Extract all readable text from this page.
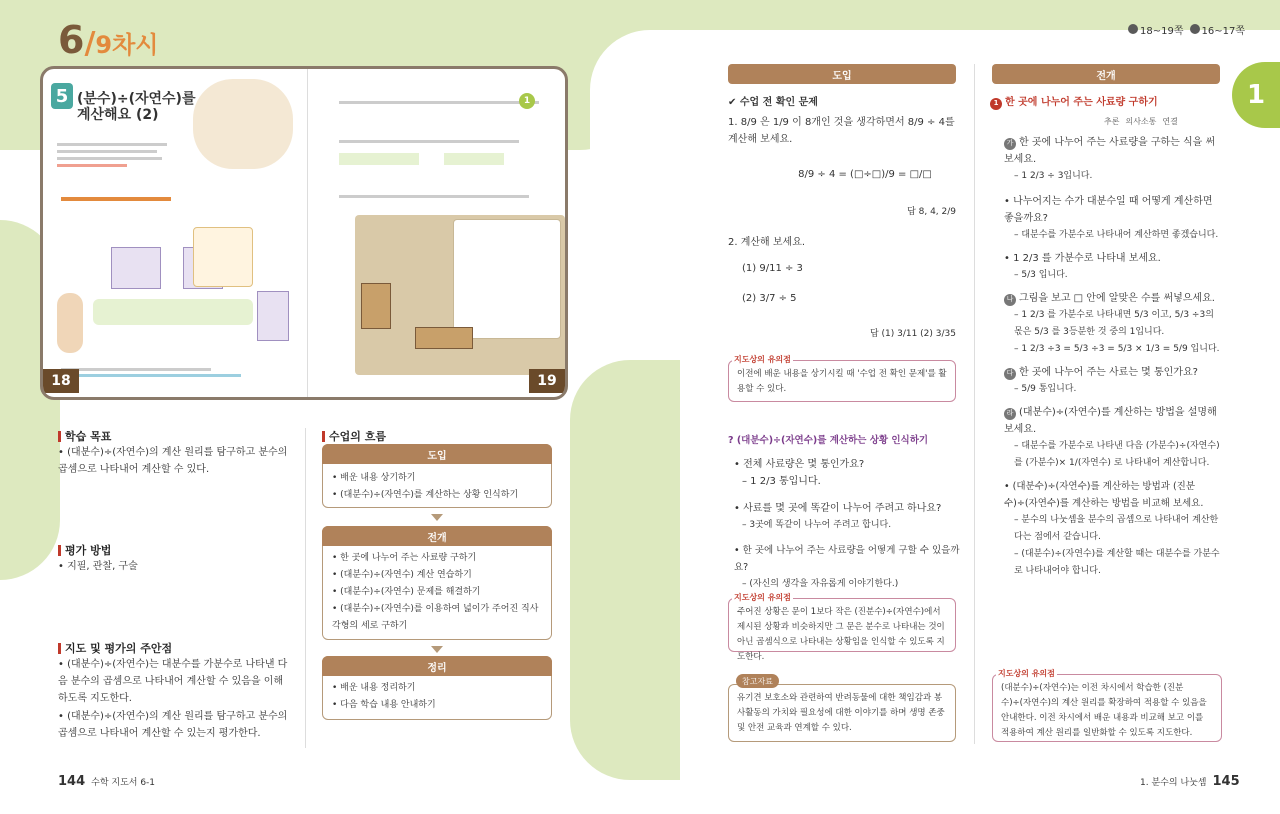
1
6/9차시	18~19쪽	16~17쪽
5 (분수)÷(자연수)를
계산해요 (2)
18

1
19
학습 목표
• (대분수)÷(자연수)의 계산 원리를 탐구하고 분수의 곱셈으로 나타내어 계산할 수 있다.
평가 방법
• 지필, 관찰, 구술
지도 및 평가의 주안점
• (대분수)÷(자연수)는 대분수를 가분수로 나타낸 다음 분수의 곱셈으로 나타내어 계산할 수 있음을 이해하도록 지도한다.
• (대분수)÷(자연수)의 계산 원리를 탐구하고 분수의 곱셈으로 나타내어 계산할 수 있는지 평가한다.
수업의 흐름
도입
• 배운 내용 상기하기
• (대분수)÷(자연수)를 계산하는 상황 인식하기
전개
• 한 곳에 나누어 주는 사료량 구하기
• (대분수)÷(자연수) 계산 연습하기
• (대분수)÷(자연수) 문제를 해결하기
• (대분수)÷(자연수)를 이용하여 넓이가 주어진 직사각형의 세로 구하기
정리
• 배운 내용 정리하기
• 다음 학습 내용 안내하기
144 수학 지도서 6-1
도입
✔ 수업 전 확인 문제
1. 8/9 은 1/9 이 8개인 것을 생각하면서 8/9 ÷ 4를 계산해 보세요.
8/9 ÷ 4 = (□÷□)/9 = □/□
답 8, 4, 2/9
2. 계산해 보세요.
(1) 9/11 ÷ 3
(2) 3/7 ÷ 5
답 (1) 3/11 (2) 3/35
이전에 배운 내용을 상기시킬 때 '수업 전 확인 문제'를 활용할 수 있다.
지도상의 유의점
? (대분수)÷(자연수)를 계산하는 상황 인식하기
• 전체 사료량은 몇 통인가요?
– 1 2/3 통입니다.
• 사료를 몇 곳에 똑같이 나누어 주려고 하나요?
– 3곳에 똑같이 나누어 주려고 합니다.
• 한 곳에 나누어 주는 사료량을 어떻게 구할 수 있을까요?
– (자신의 생각을 자유롭게 이야기한다.)
주어진 상황은 문이 1보다 작은 (진분수)÷(자연수)에서 제시된 상황과 비슷하지만 그 문은 분수로 나타내는 것이 아닌 곱셈식으로 나타내는 상황임을 인식할 수 있도록 지도한다.
지도상의 유의점
유기견 보호소와 관련하여 반려동물에 대한 책임감과 봉사활동의 가치와 필요성에 대한 이야기를 하며 생명 존중 및 안전 교육과 연계할 수 있다.
참고자료
전개
1 한 곳에 나누어 주는 사료량 구하기
추론 의사소통 연결
가 한 곳에 나누어 주는 사료량을 구하는 식을 써 보세요.
– 1 2/3 ÷ 3입니다.
• 나누어지는 수가 대분수일 때 어떻게 계산하면 좋을까요?
– 대분수를 가분수로 나타내어 계산하면 좋겠습니다.
• 1 2/3 를 가분수로 나타내 보세요.
– 5/3 입니다.
나 그림을 보고 □ 안에 알맞은 수를 써넣으세요.
– 1 2/3 를 가분수로 나타내면 5/3 이고, 5/3 ÷3의 몫은 5/3 를 3등분한 것 중의 1입니다.
– 1 2/3 ÷3 = 5/3 ÷3 = 5/3 × 1/3 = 5/9 입니다.
다 한 곳에 나누어 주는 사료는 몇 통인가요?
– 5/9 통입니다.
라 (대분수)÷(자연수)를 계산하는 방법을 설명해 보세요.
– 대분수를 가분수로 나타낸 다음 (가분수)÷(자연수)를 (가분수)× 1/(자연수) 로 나타내어 계산합니다.
• (대분수)÷(자연수)를 계산하는 방법과 (진분수)÷(자연수)를 계산하는 방법을 비교해 보세요.
– 분수의 나눗셈을 분수의 곱셈으로 나타내어 계산한다는 점에서 같습니다.
– (대분수)÷(자연수)를 계산할 때는 대분수를 가분수로 나타내어야 합니다.
(대분수)÷(자연수)는 이전 차시에서 학습한 (진분수)÷(자연수)의 계산 원리를 확장하여 적용할 수 있음을 안내한다. 이전 차시에서 배운 내용과 비교해 보고 이를 적용하여 계산 원리를 일반화할 수 있도록 지도한다.
지도상의 유의점
1. 분수의 나눗셈 145
